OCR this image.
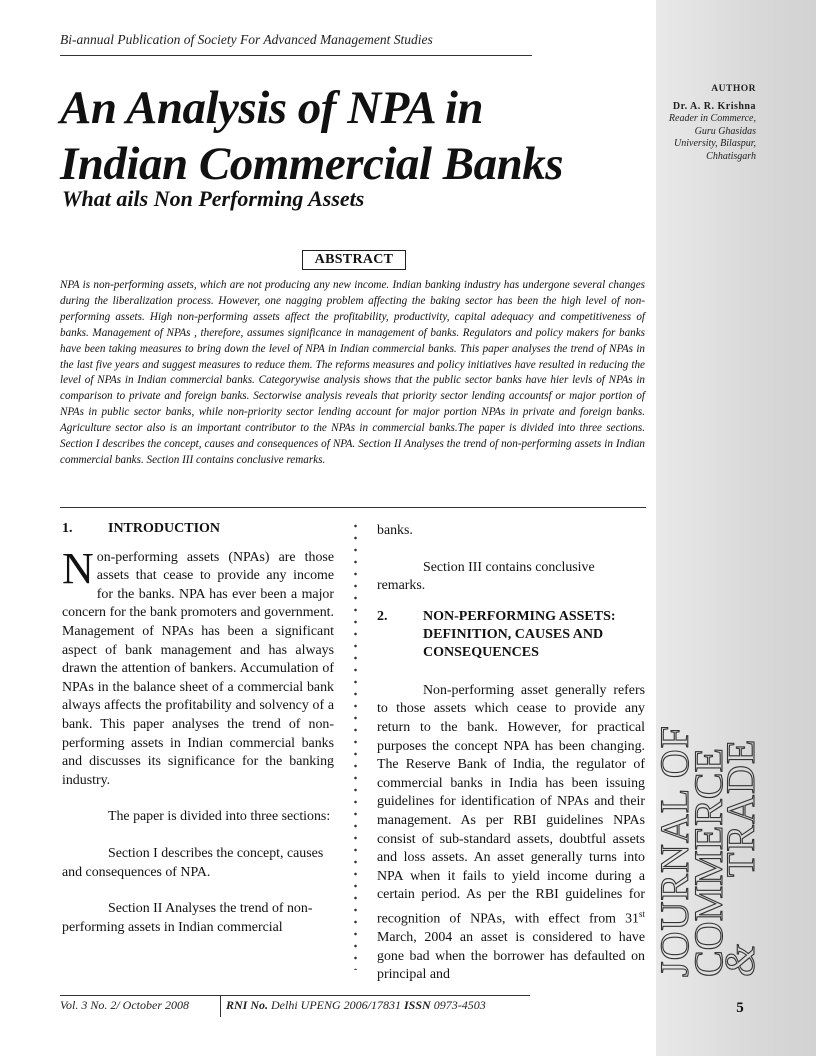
Bi-annual Publication of Society For Advanced Management Studies
An Analysis of NPA in
Indian Commercial Banks
What ails Non Performing Assets
AUTHOR
Dr. A. R. Krishna
Reader in Commerce,
Guru Ghasidas
University, Bilaspur,
Chhatisgarh
ABSTRACT

NPA is non-performing assets, which are not producing any new income. Indian banking industry has undergone several changes during the liberalization process. However, one nagging problem affecting the baking sector has been the high level of non- performing assets. High non-performing assets affect the profitability, productivity, capital adequacy and competitiveness of banks. Management of NPAs , therefore, assumes significance in management of banks. Regulators and policy makers for banks have been taking measures to bring down the level of NPA in Indian commercial banks. This paper analyses the trend of NPAs in the last five years and suggest measures to reduce them. The reforms measures and policy initiatives have resulted in reducing the level of NPAs in Indian commercial banks. Categorywise analysis shows that the public sector banks have hier levls of NPAs in comparison to private and foreign banks. Sectorwise analysis reveals that priority sector lending accountsf or major portion of NPAs in public sector banks, while non-priority sector lending account for major portion NPAs in private and foreign banks. Agriculture sector also is an important contributor to the NPAs in commercial banks.The paper is divided into three sections. Section I describes the concept, causes and consequences of NPA. Section II Analyses the trend of non-performing assets in Indian commercial banks. Section III contains conclusive remarks.

1.	INTRODUCTION

Non-performing assets (NPAs) are those assets that cease to provide any income for the banks. NPA has ever been a major concern for the bank promoters and government. Management of NPAs has been a significant aspect of bank management and has always drawn the attention of bankers. Accumulation of NPAs in the balance sheet of a commercial bank always affects the profitability and solvency of a bank. This paper analyses the trend of non- performing assets in Indian commercial banks and discusses its significance for the banking industry.

The paper is divided into three sections:

Section I describes the concept, causes and consequences of NPA.

Section II Analyses the trend of non-performing assets in Indian commercial

banks.

Section III contains conclusive remarks.

2.	NON-PERFORMING ASSETS: DEFINITION, CAUSES AND CONSEQUENCES

Non-performing asset generally refers to those assets which cease to provide any return to the bank. However, for practical purposes the concept NPA has been changing. The Reserve Bank of India, the regulator of commercial banks in India has been issuing guidelines for identification of NPAs and their management. As per RBI guidelines NPAs consist of sub-standard assets, doubtful assets and loss assets. An asset generally turns into NPA when it fails to yield income during a certain period. As per the RBI guidelines for recognition of NPAs, with effect from 31st March, 2004 an asset is considered to have gone bad when the borrower has defaulted on principal and	JOURNAL OF
COMMERCE
TRADE
&
Vol. 3 No. 2/ October 2008	RNI No. Delhi UPENG 2006/17831 ISSN 0973-4503	5
